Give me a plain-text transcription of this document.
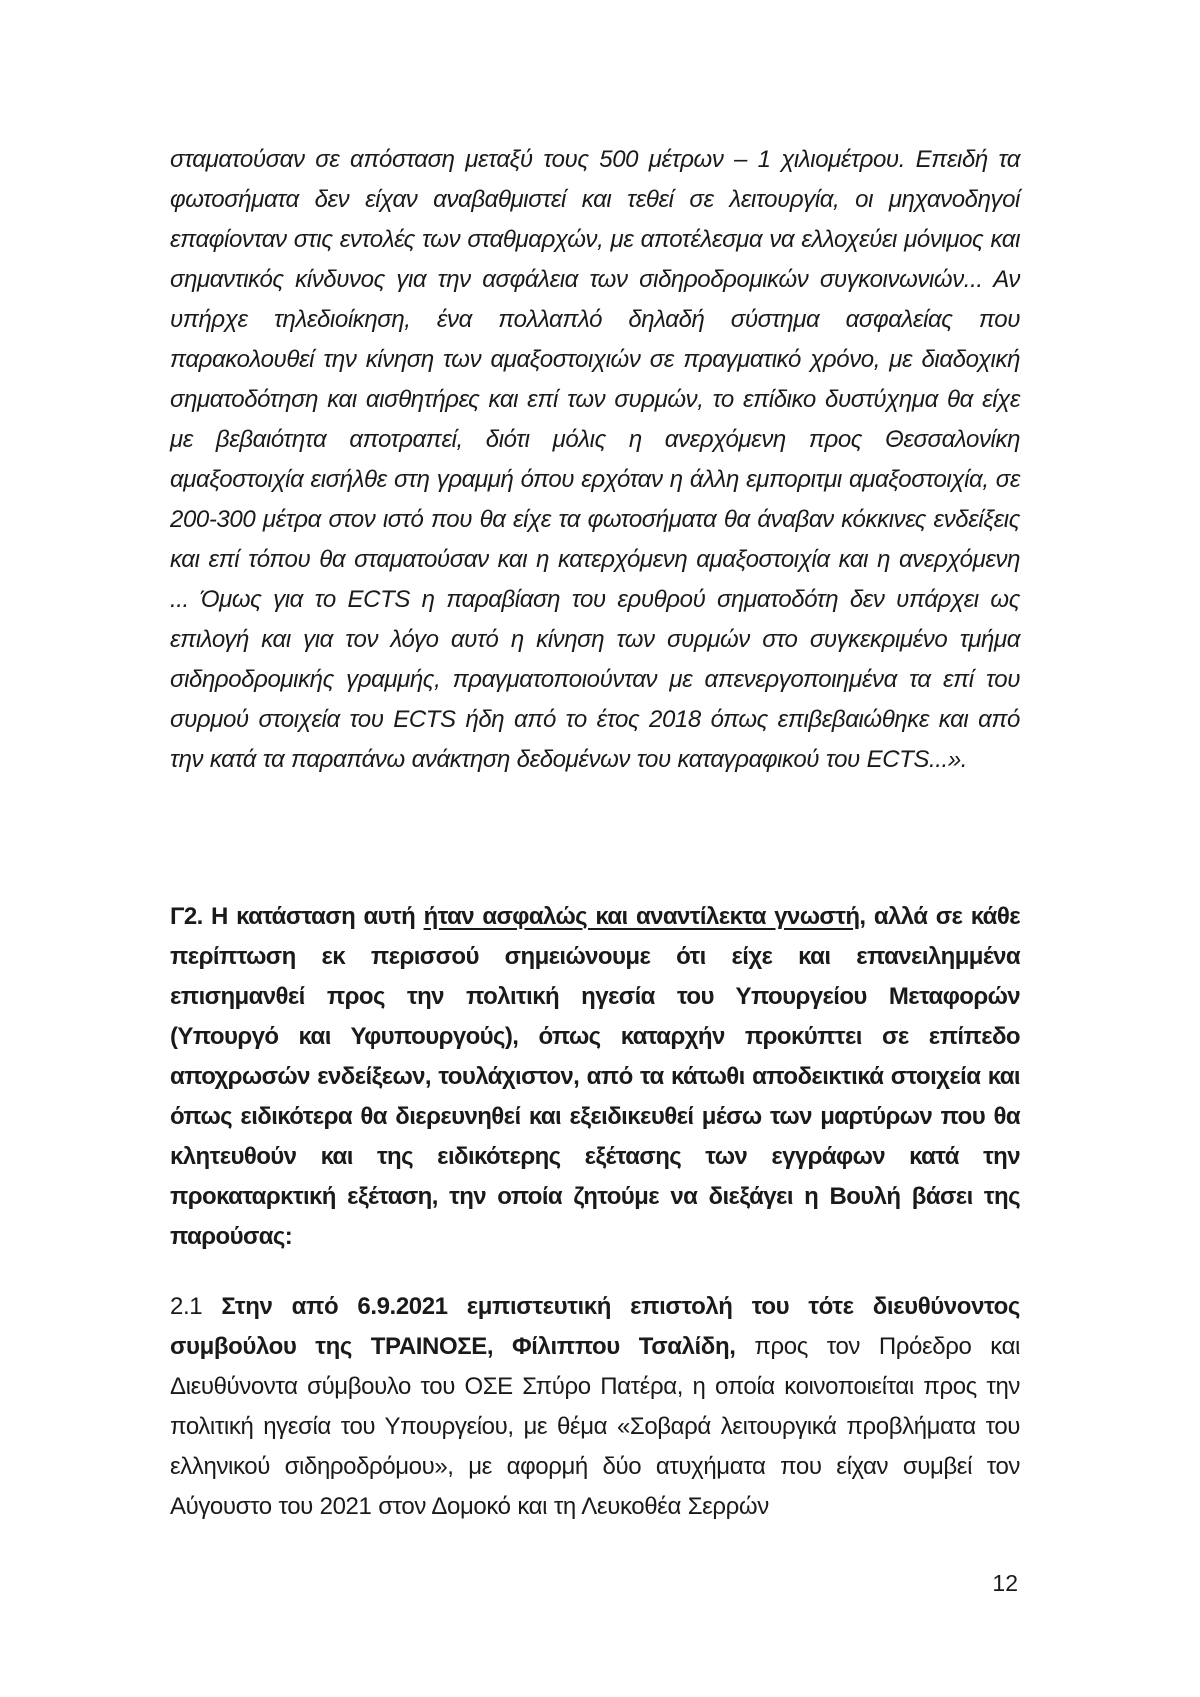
σταματούσαν σε απόσταση μεταξύ τους 500 μέτρων – 1 χιλιομέτρου. Επειδή τα φωτοσήματα δεν είχαν αναβαθμιστεί και τεθεί σε λειτουργία, οι μηχανοδηγοί επαφίονταν στις εντολές των σταθμαρχών, με αποτέλεσμα να ελλοχεύει μόνιμος και σημαντικός κίνδυνος για την ασφάλεια των σιδηροδρομικών συγκοινωνιών... Αν υπήρχε τηλεδιοίκηση, ένα πολλαπλό δηλαδή σύστημα ασφαλείας που παρακολουθεί την κίνηση των αμαξοστοιχιών σε πραγματικό χρόνο, με διαδοχική σηματοδότηση και αισθητήρες και επί των συρμών, το επίδικο δυστύχημα θα είχε με βεβαιότητα αποτραπεί, διότι μόλις η ανερχόμενη προς Θεσσαλονίκη αμαξοστοιχία εισήλθε στη γραμμή όπου ερχόταν η άλλη εμποριτμι αμαξοστοιχία, σε 200-300 μέτρα στον ιστό που θα είχε τα φωτοσήματα θα άναβαν κόκκινες ενδείξεις και επί τόπου θα σταματούσαν και η κατερχόμενη αμαξοστοιχία και η ανερχόμενη ... Όμως για το ECTS η παραβίαση του ερυθρού σηματοδότη δεν υπάρχει ως επιλογή και για τον λόγο αυτό η κίνηση των συρμών στο συγκεκριμένο τμήμα σιδηροδρομικής γραμμής, πραγματοποιούνταν με απενεργοποιημένα τα επί του συρμού στοιχεία του ECTS ήδη από το έτος 2018 όπως επιβεβαιώθηκε και από την κατά τα παραπάνω ανάκτηση δεδομένων του καταγραφικού του ECTS...».

Γ2. Η κατάσταση αυτή ήταν ασφαλώς και αναντίλεκτα γνωστή, αλλά σε κάθε περίπτωση εκ περισσού σημειώνουμε ότι είχε και επανειλημμένα επισημανθεί προς την πολιτική ηγεσία του Υπουργείου Μεταφορών (Υπουργό και Υφυπουργούς), όπως καταρχήν προκύπτει σε επίπεδο αποχρωσών ενδείξεων, τουλάχιστον, από τα κάτωθι αποδεικτικά στοιχεία και όπως ειδικότερα θα διερευνηθεί και εξειδικευθεί μέσω των μαρτύρων που θα κλητευθούν και της ειδικότερης εξέτασης των εγγράφων κατά την προκαταρκτική εξέταση, την οποία ζητούμε να διεξάγει η Βουλή βάσει της παρούσας:

2.1 Στην από 6.9.2021 εμπιστευτική επιστολή του τότε διευθύνοντος συμβούλου της ΤΡΑΙΝΟΣΕ, Φίλιππου Τσαλίδη, προς τον Πρόεδρο και Διευθύνοντα σύμβουλο του ΟΣΕ Σπύρο Πατέρα, η οποία κοινοποιείται προς την πολιτική ηγεσία του Υπουργείου, με θέμα «Σοβαρά λειτουργικά προβλήματα του ελληνικού σιδηροδρόμου», με αφορμή δύο ατυχήματα που είχαν συμβεί τον Αύγουστο του 2021 στον Δομοκό και τη Λευκοθέα Σερρών

12
